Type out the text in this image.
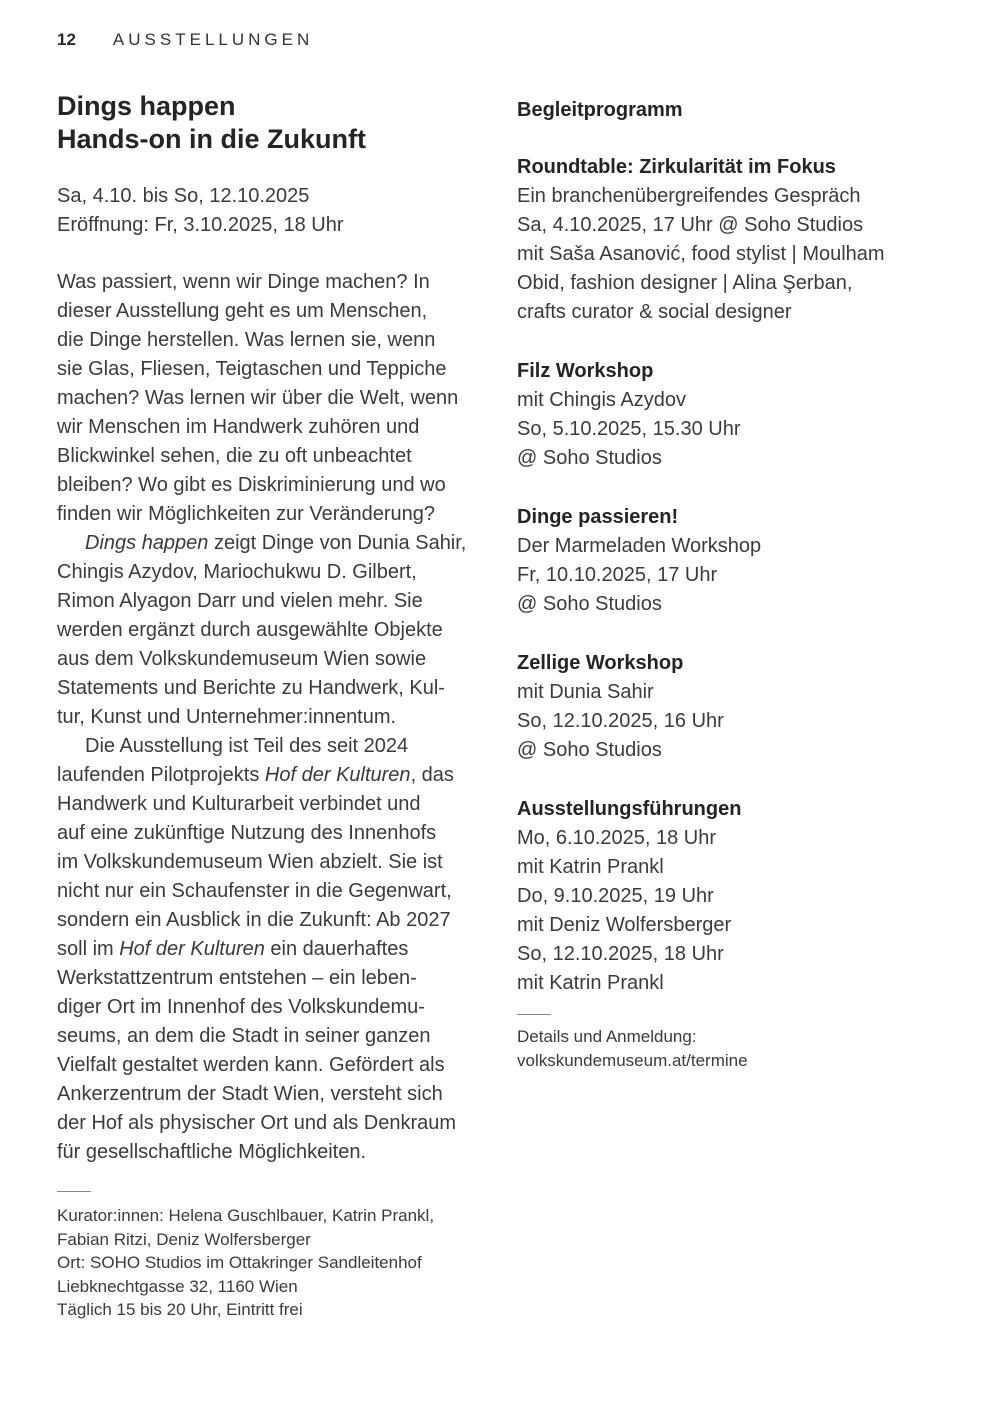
12 AUSSTELLUNGEN
Dings happen
Hands-on in die Zukunft
Sa, 4.10. bis So, 12.10.2025
Eröffnung: Fr, 3.10.2025, 18 Uhr

Was passiert, wenn wir Dinge machen? In
dieser Ausstellung geht es um Menschen,
die Dinge herstellen. Was lernen sie, wenn
sie Glas, Fliesen, Teigtaschen und Teppiche
machen? Was lernen wir über die Welt, wenn
wir Menschen im Handwerk zuhören und
Blickwinkel sehen, die zu oft unbeachtet
bleiben? Wo gibt es Diskriminierung und wo
finden wir Möglichkeiten zur Veränderung?

Dings happen zeigt Dinge von Dunia Sahir,
Chingis Azydov, Mariochukwu D. Gilbert,
Rimon Alyagon Darr und vielen mehr. Sie
werden ergänzt durch ausgewählte Objekte
aus dem Volkskundemuseum Wien sowie
Statements und Berichte zu Handwerk, Kul-
tur, Kunst und Unternehmer:innentum.

Die Ausstellung ist Teil des seit 2024
laufenden Pilotprojekts Hof der Kulturen, das
Handwerk und Kulturarbeit verbindet und
auf eine zukünftige Nutzung des Innenhofs
im Volkskundemuseum Wien abzielt. Sie ist
nicht nur ein Schaufenster in die Gegenwart,
sondern ein Ausblick in die Zukunft: Ab 2027
soll im Hof der Kulturen ein dauerhaftes
Werkstattzentrum entstehen – ein leben-
diger Ort im Innenhof des Volkskundemu-
seums, an dem die Stadt in seiner ganzen
Vielfalt gestaltet werden kann. Gefördert als
Ankerzentrum der Stadt Wien, versteht sich
der Hof als physischer Ort und als Denkraum
für gesellschaftliche Möglichkeiten.

Kurator:innen: Helena Guschlbauer, Katrin Prankl,
Fabian Ritzi, Deniz Wolfersberger
Ort: SOHO Studios im Ottakringer Sandleitenhof
Liebknechtgasse 32, 1160 Wien
Täglich 15 bis 20 Uhr, Eintritt frei
Begleitprogramm
Roundtable: Zirkularität im Fokus
Ein branchenübergreifendes Gespräch
Sa, 4.10.2025, 17 Uhr @ Soho Studios
mit Saša Asanović, food stylist | Moulham
Obid, fashion designer | Alina Şerban,
crafts curator & social designer
Filz Workshop
mit Chingis Azydov
So, 5.10.2025, 15.30 Uhr
@ Soho Studios
Dinge passieren!
Der Marmeladen Workshop
Fr, 10.10.2025, 17 Uhr
@ Soho Studios
Zellige Workshop
mit Dunia Sahir
So, 12.10.2025, 16 Uhr
@ Soho Studios
Ausstellungsführungen
Mo, 6.10.2025, 18 Uhr
mit Katrin Prankl
Do, 9.10.2025, 19 Uhr
mit Deniz Wolfersberger
So, 12.10.2025, 18 Uhr
mit Katrin Prankl
Details und Anmeldung:
volkskundemuseum.at/termine
